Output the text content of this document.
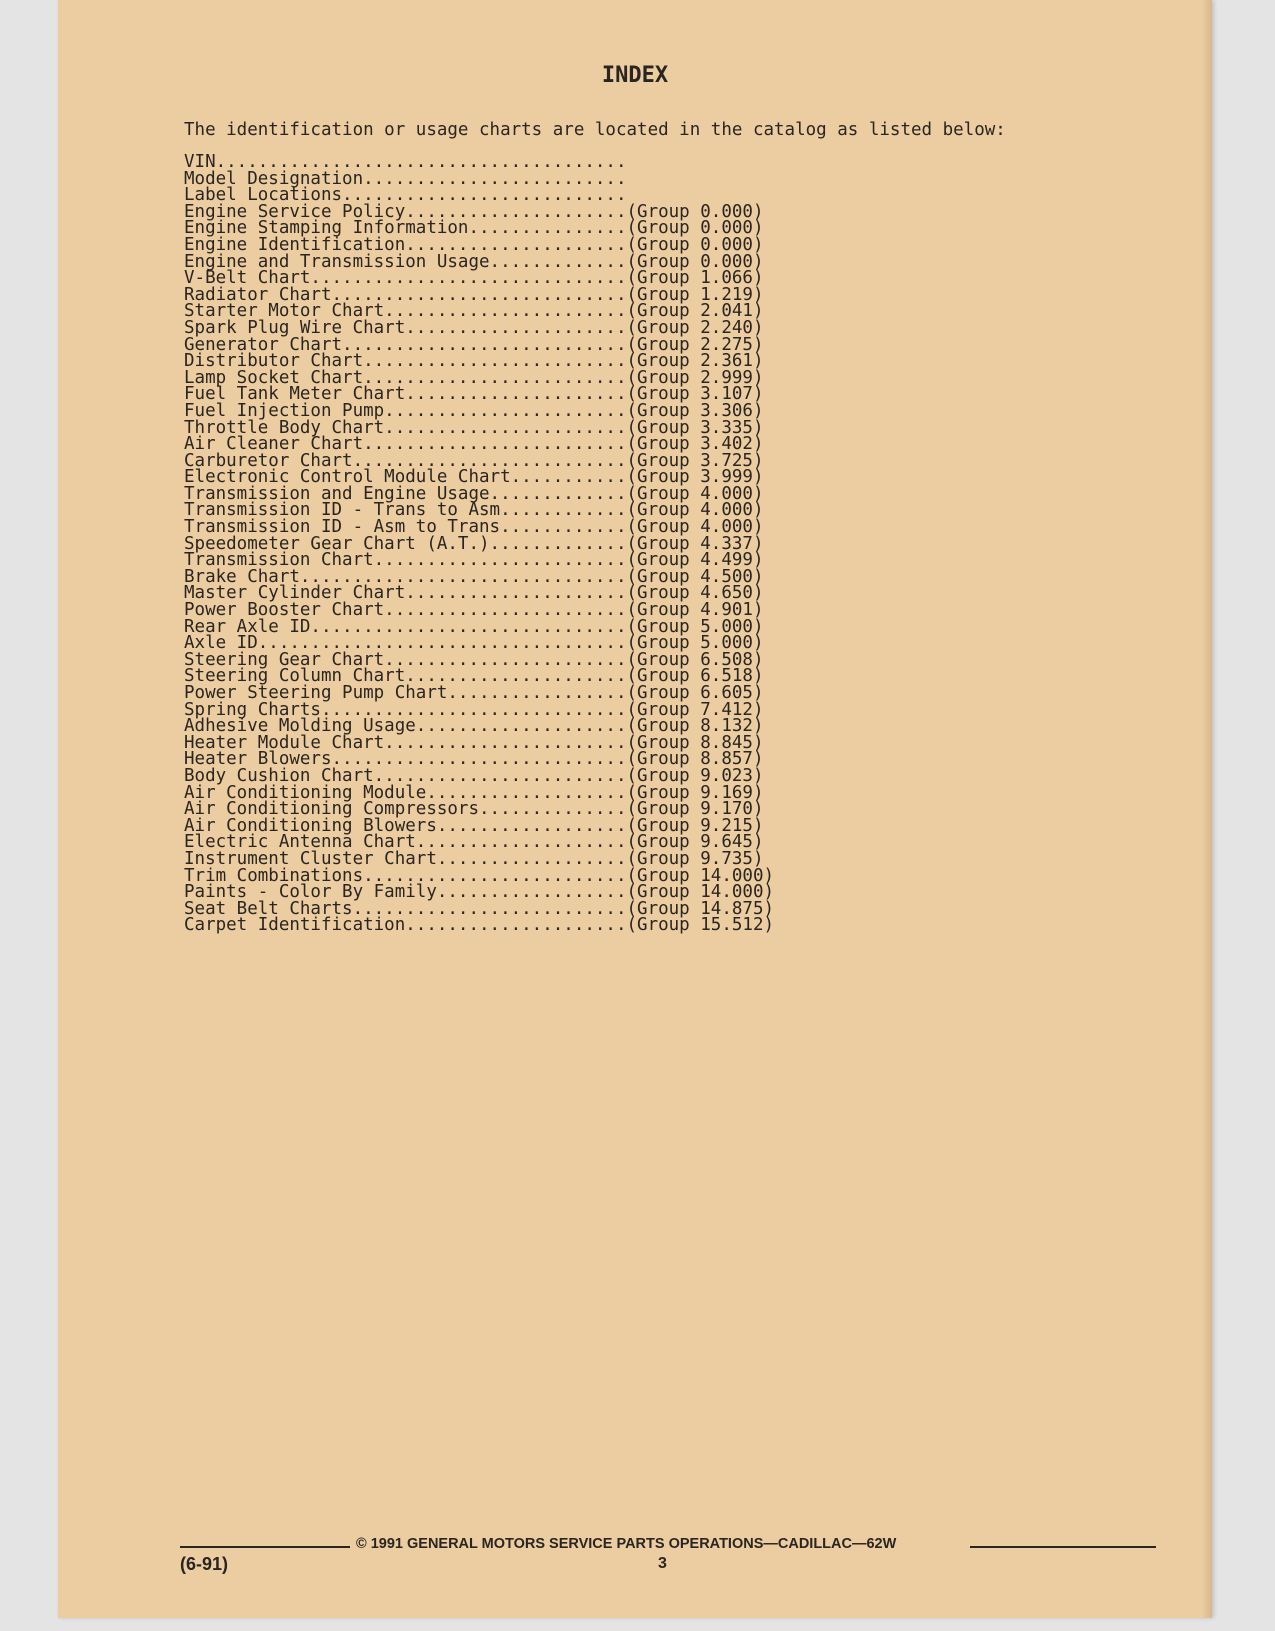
INDEX

The identification or usage charts are located in the catalog as listed below:

VIN.......................................
Model Designation.........................
Label Locations...........................
Engine Service Policy.....................(Group 0.000)
Engine Stamping Information...............(Group 0.000)
Engine Identification.....................(Group 0.000)
Engine and Transmission Usage.............(Group 0.000)
V-Belt Chart..............................(Group 1.066)
Radiator Chart............................(Group 1.219)
Starter Motor Chart.......................(Group 2.041)
Spark Plug Wire Chart.....................(Group 2.240)
Generator Chart...........................(Group 2.275)
Distributor Chart.........................(Group 2.361)
Lamp Socket Chart.........................(Group 2.999)
Fuel Tank Meter Chart.....................(Group 3.107)
Fuel Injection Pump.......................(Group 3.306)
Throttle Body Chart.......................(Group 3.335)
Air Cleaner Chart.........................(Group 3.402)
Carburetor Chart..........................(Group 3.725)
Electronic Control Module Chart...........(Group 3.999)
Transmission and Engine Usage.............(Group 4.000)
Transmission ID - Trans to Asm............(Group 4.000)
Transmission ID - Asm to Trans............(Group 4.000)
Speedometer Gear Chart (A.T.).............(Group 4.337)
Transmission Chart........................(Group 4.499)
Brake Chart...............................(Group 4.500)
Master Cylinder Chart.....................(Group 4.650)
Power Booster Chart.......................(Group 4.901)
Rear Axle ID..............................(Group 5.000)
Axle ID...................................(Group 5.000)
Steering Gear Chart.......................(Group 6.508)
Steering Column Chart.....................(Group 6.518)
Power Steering Pump Chart.................(Group 6.605)
Spring Charts.............................(Group 7.412)
Adhesive Molding Usage....................(Group 8.132)
Heater Module Chart.......................(Group 8.845)
Heater Blowers............................(Group 8.857)
Body Cushion Chart........................(Group 9.023)
Air Conditioning Module...................(Group 9.169)
Air Conditioning Compressors..............(Group 9.170)
Air Conditioning Blowers..................(Group 9.215)
Electric Antenna Chart....................(Group 9.645)
Instrument Cluster Chart..................(Group 9.735)
Trim Combinations.........................(Group 14.000)
Paints - Color By Family..................(Group 14.000)
Seat Belt Charts..........................(Group 14.875)
Carpet Identification.....................(Group 15.512)
© 1991 GENERAL MOTORS SERVICE PARTS OPERATIONS—CADILLAC—62W
(6-91)	3
